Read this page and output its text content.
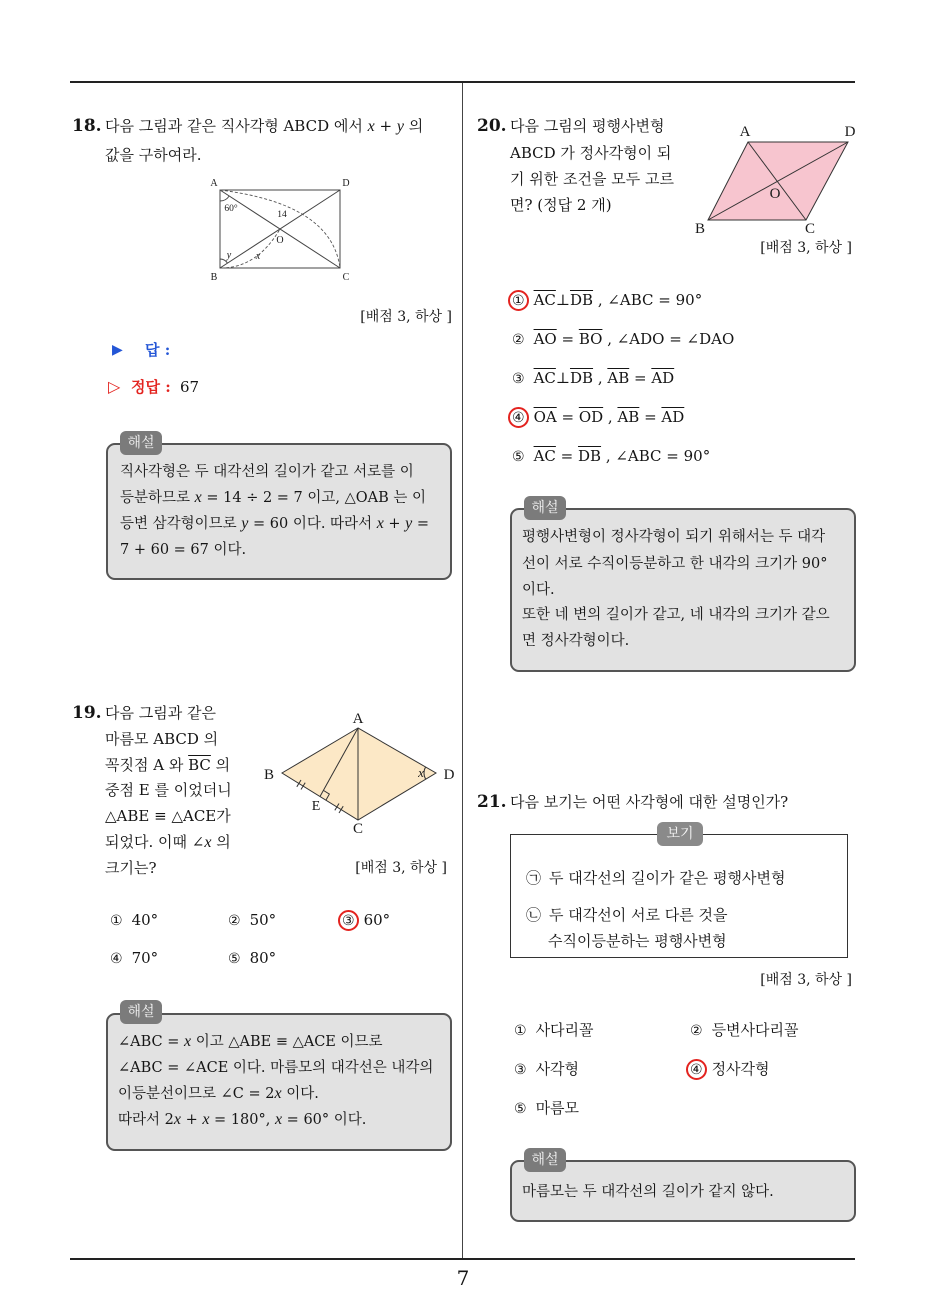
18. 다음 그림과 같은 직사각형 ABCD 에서 x + y 의
값을 구하여라.
A	D
B	C
O
60°
14
x
y
[배점 3, 하상 ]
▶ 답 :
▷ 정답 : 67
해설
직사각형은 두 대각선의 길이가 같고 서로를 이
등분하므로 x = 14 ÷ 2 = 7 이고, △OAB 는 이
등변 삼각형이므로 y = 60 이다. 따라서 x + y =
7 + 60 = 67 이다.
19. 다음 그림과 같은
마름모 ABCD 의
꼭짓점 A 와 $\overline{BC}$ 의
중점 E 를 이었더니
△ABE ≡ △ACE가
되었다. 이때 ∠x 의
크기는?
A
B
C
D
E
x
[배점 3, 하상 ]
① 40°	② 50°	③ 60°
④ 70°	⑤ 80°
해설
∠ABC = x 이고 △ABE ≡ △ACE 이므로
∠ABC = ∠ACE 이다. 마름모의 대각선은 내각의
이등분선이므로 ∠C = 2x 이다.
따라서 2x + x = 180°, x = 60° 이다.
20. 다음 그림의 평행사변형
ABCD 가 정사각형이 되
기 위한 조건을 모두 고르
면? (정답 2 개)
A	D
B	C
O
[배점 3, 하상 ]
① $\overline{AC}\perp\overline{DB}$ , ∠ABC = 90°
② $\overline{AO} = \overline{BO}$ , ∠ADO = ∠DAO
③ $\overline{AC}\perp\overline{DB}$ , $\overline{AB} = \overline{AD}$
④ $\overline{OA} = \overline{OD}$ , $\overline{AB} = \overline{AD}$
⑤ $\overline{AC} = \overline{DB}$ , ∠ABC = 90°
해설
평행사변형이 정사각형이 되기 위해서는 두 대각
선이 서로 수직이등분하고 한 내각의 크기가 90°
이다.
또한 네 변의 길이가 같고, 네 내각의 크기가 같으
면 정사각형이다.
21. 다음 보기는 어떤 사각형에 대한 설명인가?
보기
㉠ 두 대각선의 길이가 같은 평행사변형
㉡ 두 대각선이 서로 다른 것을
수직이등분하는 평행사변형
[배점 3, 하상 ]
① 사다리꼴	② 등변사다리꼴
③ 사각형	④ 정사각형
⑤ 마름모
해설
마름모는 두 대각선의 길이가 같지 않다.
7
